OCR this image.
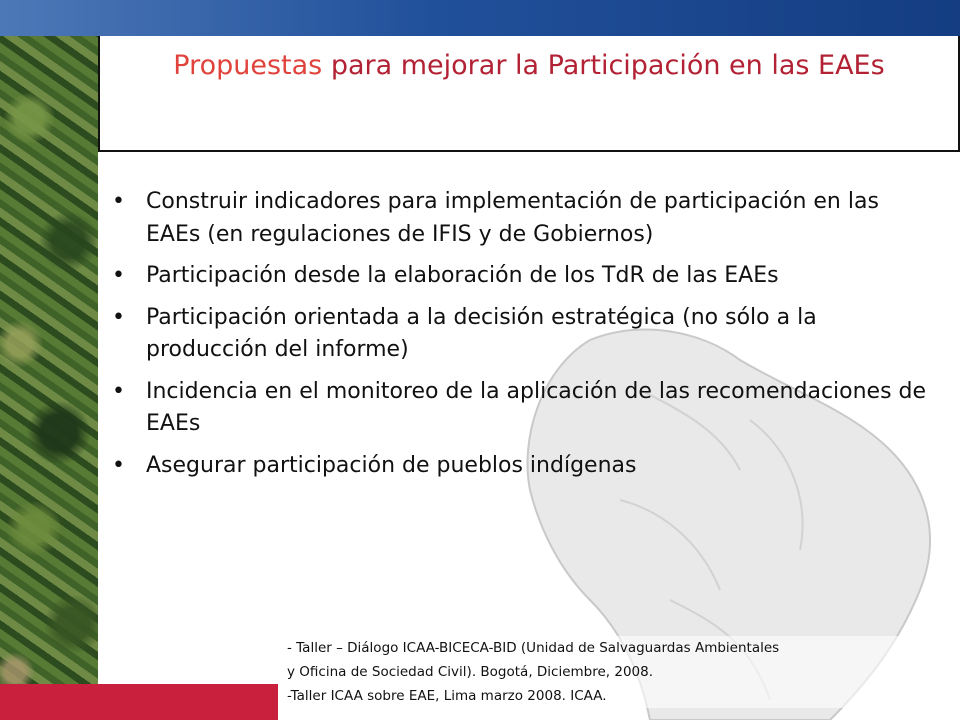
Propuestas para mejorar la Participación en las EAEs
• Construir indicadores para implementación de participación en las EAEs (en regulaciones de IFIS y de Gobiernos)
• Participación desde la elaboración de los TdR de las EAEs
• Participación orientada a la decisión estratégica (no sólo a la producción del informe)
• Incidencia en el monitoreo de la aplicación de las recomendaciones de EAEs
• Asegurar participación de pueblos indígenas
- Taller – Diálogo ICAA-BICECA-BID (Unidad de Salvaguardas Ambientales
y Oficina de Sociedad Civil). Bogotá, Diciembre, 2008.
-Taller ICAA sobre EAE, Lima marzo 2008. ICAA.
